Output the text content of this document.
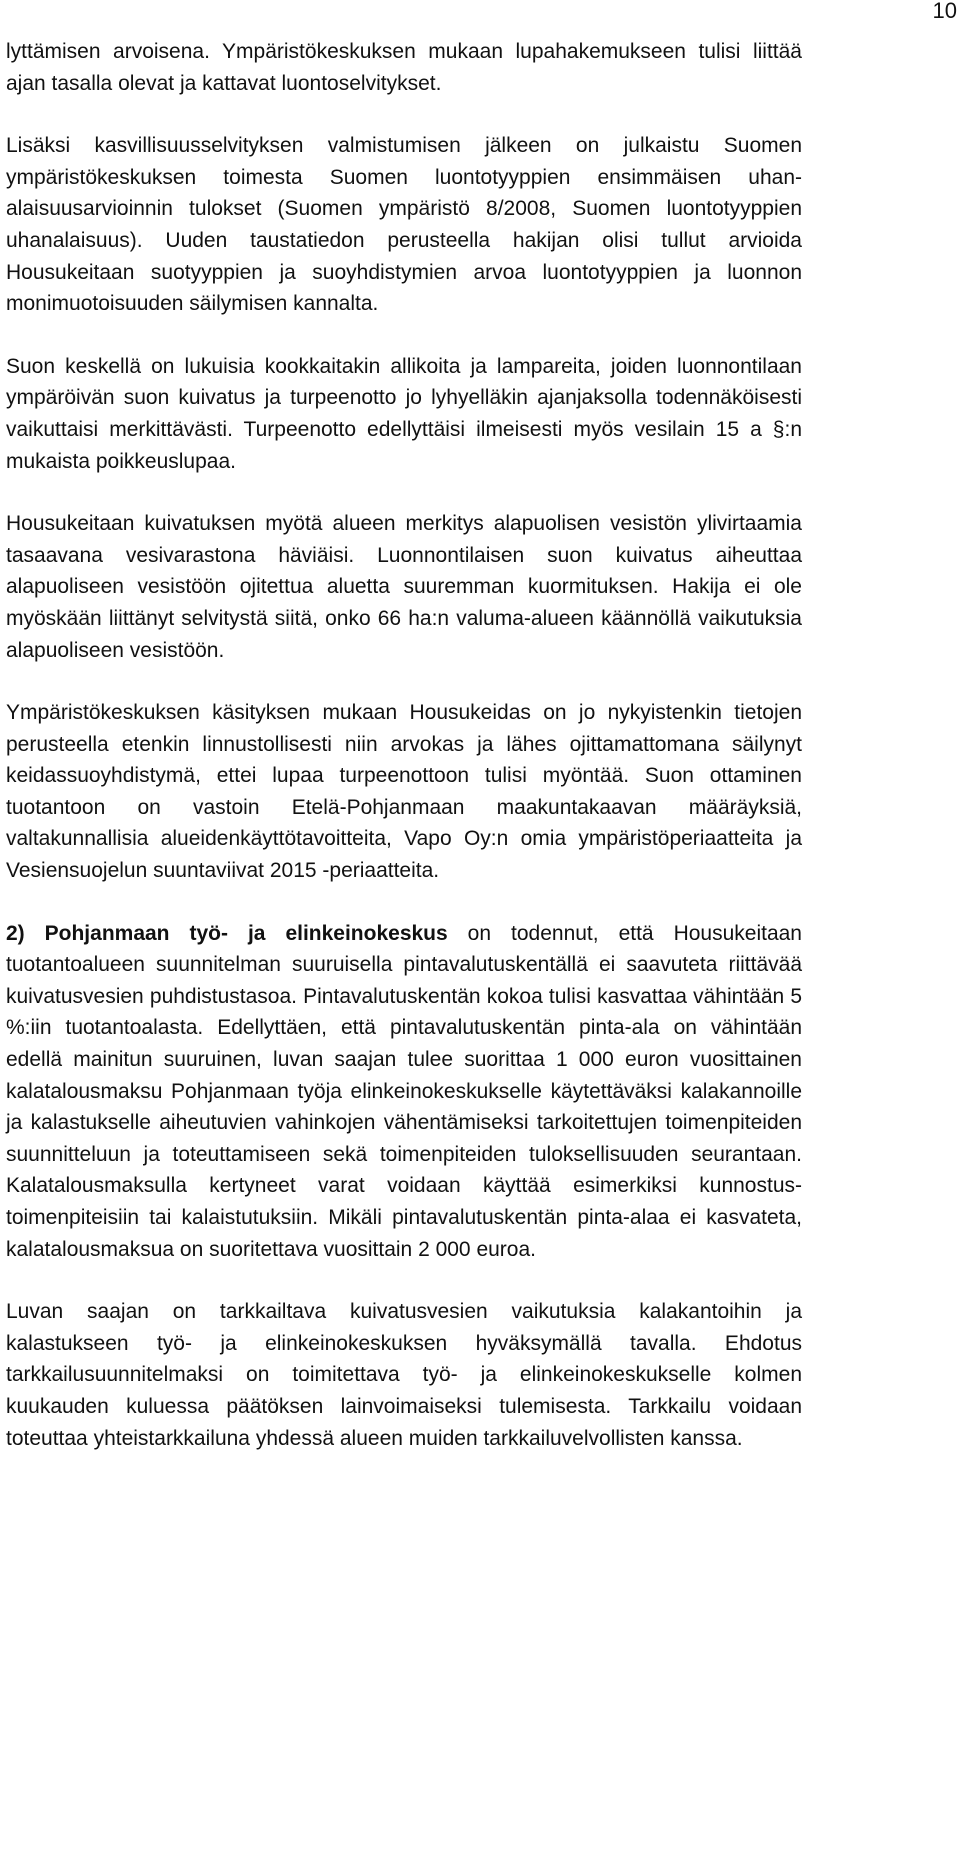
10

lyttämisen arvoisena. Ympäristökeskuksen mukaan lupahakemukseen tulisi liittää ajan tasalla olevat ja kattavat luontoselvitykset.

Lisäksi kasvillisuusselvityksen valmistumisen jälkeen on julkaistu Suomen ympäristökeskuksen toimesta Suomen luontotyyppien ensimmäisen uhanalaisuusarvioinnin tulokset (Suomen ympäristö 8/2008, Suomen luontotyyppien uhanalaisuus). Uuden taustatiedon perusteella hakijan olisi tullut arvioida Housukeitaan suotyyppien ja suoyhdistymien arvoa luontotyyppien ja luonnon monimuotoisuuden säilymisen kannalta.

Suon keskellä on lukuisia kookkaitakin allikoita ja lampareita, joiden luonnontilaan ympäröivän suon kuivatus ja turpeenotto jo lyhyelläkin ajanjaksolla todennäköisesti vaikuttaisi merkittävästi. Turpeenotto edellyttäisi ilmeisesti myös vesilain 15 a §:n mukaista poikkeuslupaa.

Housukeitaan kuivatuksen myötä alueen merkitys alapuolisen vesistön ylivirtaamia tasaavana vesivarastona häviäisi. Luonnontilaisen suon kuivatus aiheuttaa alapuoliseen vesistöön ojitettua aluetta suuremman kuormituksen. Hakija ei ole myöskään liittänyt selvitystä siitä, onko 66 ha:n valuma-alueen käännöllä vaikutuksia alapuoliseen vesistöön.

Ympäristökeskuksen käsityksen mukaan Housukeidas on jo nykyistenkin tietojen perusteella etenkin linnustollisesti niin arvokas ja lähes ojittamattomana säilynyt keidassuoyhdistymä, ettei lupaa turpeenottoon tulisi myöntää. Suon ottaminen tuotantoon on vastoin Etelä-Pohjanmaan maakuntakaavan määräyksiä, valtakunnallisia alueidenkäyttötavoitteita, Vapo Oy:n omia ympäristöperiaatteita ja Vesiensuojelun suuntaviivat 2015 -periaatteita.

2) Pohjanmaan työ- ja elinkeinokeskus on todennut, että Housukeitaan tuotantoalueen suunnitelman suuruisella pintavalutuskentällä ei saavuteta riittävää kuivatusvesien puhdistustasoa. Pintavalutuskentän kokoa tulisi kasvattaa vähintään 5 %:iin tuotantoalasta. Edellyttäen, että pintavalutuskentän pinta-ala on vähintään edellä mainitun suuruinen, luvan saajan tulee suorittaa 1 000 euron vuosittainen kalatalousmaksu Pohjanmaan työja elinkeinokeskukselle käytettäväksi kalakannoille ja kalastukselle aiheutuvien vahinkojen vähentämiseksi tarkoitettujen toimenpiteiden suunnitteluun ja toteuttamiseen sekä toimenpiteiden tuloksellisuuden seurantaan. Kalatalousmaksulla kertyneet varat voidaan käyttää esimerkiksi kunnostustoimenpiteisiin tai kalaistutuksiin. Mikäli pintavalutuskentän pinta-alaa ei kasvateta, kalatalousmaksua on suoritettava vuosittain 2 000 euroa.

Luvan saajan on tarkkailtava kuivatusvesien vaikutuksia kalakantoihin ja kalastukseen työ- ja elinkeinokeskuksen hyväksymällä tavalla. Ehdotus tarkkailusuunnitelmaksi on toimitettava työ- ja elinkeinokeskukselle kolmen kuukauden kuluessa päätöksen lainvoimaiseksi tulemisesta. Tarkkailu voidaan toteuttaa yhteistarkkailuna yhdessä alueen muiden tarkkailuvelvollisten kanssa.
